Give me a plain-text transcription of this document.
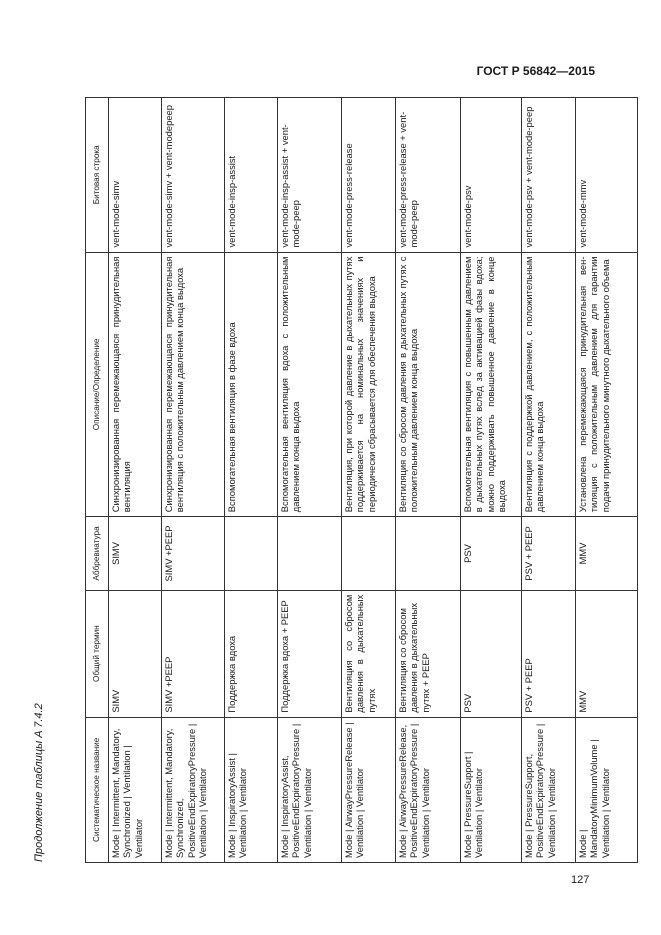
ГОСТ Р 56842—2015
Продолжение таблицы A 7.4.2	Систематическое название	Общий термин	Аббревиатура	Описание/Определение	Битовая строка
Mode | Intermittent, Mandatory, Synchronized | Ventilation | Ventilator	SIMV	SIMV	Синхронизированная перемежающаяся принудительная вентиляция	vent-mode-simv
Mode | Intermittent, Mandatory, Synchronized, PositiveEndExpiratoryPressure | Ventilation | Ventilator	SIMV +PEEP	SIMV +PEEP	Синхронизированная перемежающаяся принудительная вентиляция с положительным давлением конца выдоха	vent-mode-simv + vent-modepeep
Mode | InspiratoryAssist | Ventilation | Ventilator	Поддержка вдоха		Вспомогательная вентиляция в фазе вдоха	vent-mode-insp-assist
Mode | InspiratoryAssist, PositiveEndExpiratoryPressure | Ventilation | Ventilator	Поддержка вдоха + PEEP		Вспомогательная вентиляция вдоха с положительным давлением конца выдоха	vent-mode-insp-assist + vent-mode-peep
Mode | AirwayPressureRelease | Ventilation | Ventilator	Вентиляция со сбросом давления в дыхательных путях		Вентиляция, при которой давление в дыхательных путях поддерживается на номинальных значениях и периодически сбрасывается для обеспечения выдоха	vent-mode-press-release
Mode | AirwayPressureRelease, PositiveEndExpiratoryPressure | Ventilation | Ventilator	Вентиляция со сбросом давления в дыхательных путях + PEEP		Вентиляция со сбросом давления в дыхательных путях с положительным давлением конца выдоха	vent-mode-press-release + vent-mode-peep
Mode | PressureSupport | Ventilation | Ventilator	PSV	PSV	Вспомогательная вентиляция с повышенным давлением в дыхательных путях вслед за активацией фазы вдоха; можно поддерживать повышенное давление в конце выдоха	vent-mode-psv
Mode | PressureSupport, PositiveEndExpiratoryPressure | Ventilation | Ventilator	PSV + PEEP	PSV + PEEP	Вентиляция с поддержкой давлением, с положительным давлением конца выдоха	vent-mode-psv + vent-mode-peep
Mode | MandatoryMinimumVolume | Ventilation | Ventilator	MMV	MMV	Установлена перемежающаяся принудительная вентиляция с положительным давлением для гарантии подачи принудительного минутного дыхательного объема	vent-mode-mmv
127
